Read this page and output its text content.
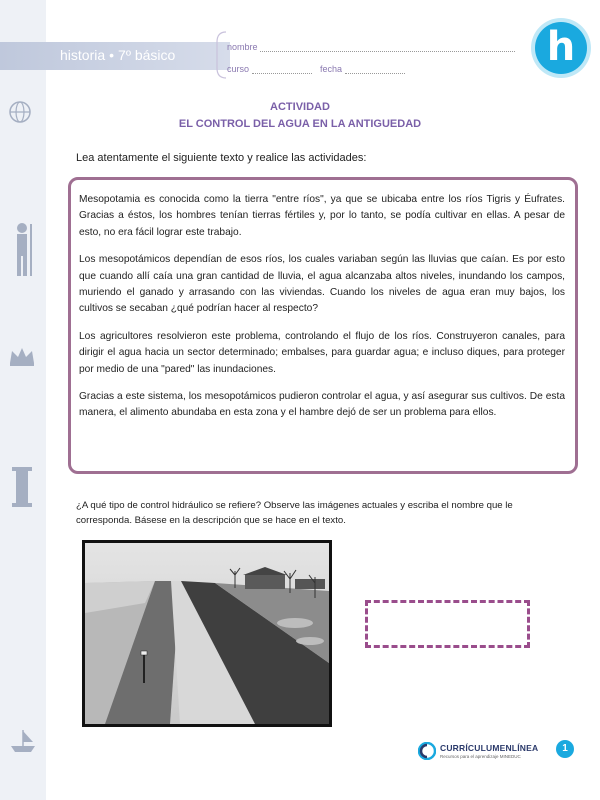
historia • 7º básico	nombre
curso	fecha	h
ACTIVIDAD
EL CONTROL DEL AGUA EN LA ANTIGUEDAD
Lea atentamente el siguiente texto y realice las actividades:

Mesopotamia es conocida como la tierra "entre ríos", ya que se ubicaba entre los ríos Tigris y Éufrates. Gracias a éstos, los hombres tenían tierras fértiles y, por lo tanto, se podía cultivar en ellas. A pesar de esto, no era fácil lograr este trabajo.

Los mesopotámicos dependían de esos ríos, los cuales variaban según las lluvias que caían. Es por esto que cuando allí caía una gran cantidad de lluvia, el agua alcanzaba altos niveles, inundando los campos, muriendo el ganado y arrasando con las viviendas. Cuando los niveles de agua eran muy bajos, los cultivos se secaban ¿qué podrían hacer al respecto?

Los agricultores resolvieron este problema, controlando el flujo de los ríos. Construyeron canales, para dirigir el agua hacia un sector determinado; embalses, para guardar agua; e incluso diques, para proteger por medio de una "pared" las inundaciones.

Gracias a este sistema, los mesopotámicos pudieron controlar el agua, y así asegurar sus cultivos. De esta manera, el alimento abundaba en esta zona y el hambre dejó de ser un problema para ellos.

¿A qué tipo de control hidráulico se refiere? Observe las imágenes actuales y escriba el nombre que le corresponda. Básese en la descripción que se hace en el texto.
CURRÍCULUMENLÍNEA
Recursos para el aprendizaje MINEDUC
1
